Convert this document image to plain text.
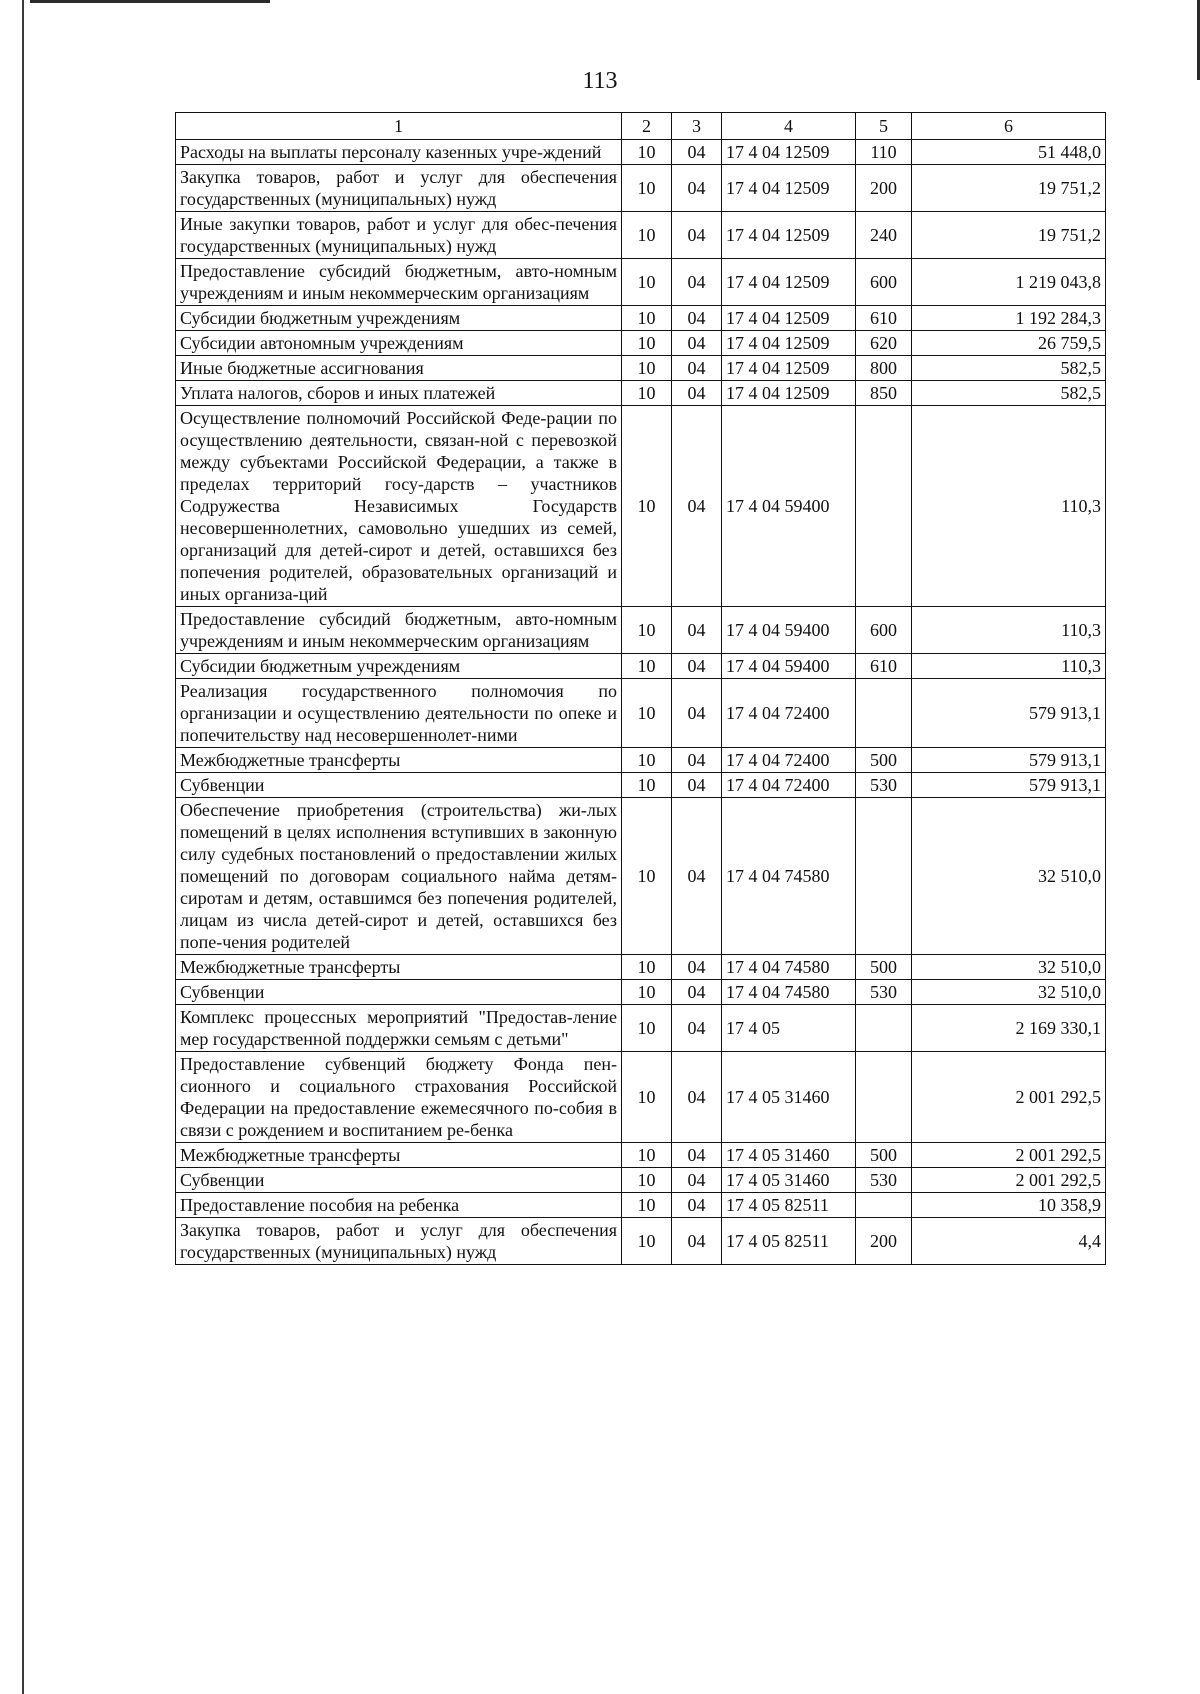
113
1	2	3	4	5	6
Расходы на выплаты персоналу казенных учре-ждений	10	04	17 4 04 12509	110	51 448,0
Закупка товаров, работ и услуг для обеспечения государственных (муниципальных) нужд	10	04	17 4 04 12509	200	19 751,2
Иные закупки товаров, работ и услуг для обес-печения государственных (муниципальных) нужд	10	04	17 4 04 12509	240	19 751,2
Предоставление субсидий бюджетным, авто-номным учреждениям и иным некоммерческим организациям	10	04	17 4 04 12509	600	1 219 043,8
Субсидии бюджетным учреждениям	10	04	17 4 04 12509	610	1 192 284,3
Субсидии автономным учреждениям	10	04	17 4 04 12509	620	26 759,5
Иные бюджетные ассигнования	10	04	17 4 04 12509	800	582,5
Уплата налогов, сборов и иных платежей	10	04	17 4 04 12509	850	582,5
Осуществление полномочий Российской Феде-рации по осуществлению деятельности, связан-ной с перевозкой между субъектами Российской Федерации, а также в пределах территорий госу-дарств – участников Содружества Независимых Государств несовершеннолетних, самовольно ушедших из семей, организаций для детей-сирот и детей, оставшихся без попечения родителей, образовательных организаций и иных организа-ций	10	04	17 4 04 59400		110,3
Предоставление субсидий бюджетным, авто-номным учреждениям и иным некоммерческим организациям	10	04	17 4 04 59400	600	110,3
Субсидии бюджетным учреждениям	10	04	17 4 04 59400	610	110,3
Реализация государственного полномочия по организации и осуществлению деятельности по опеке и попечительству над несовершеннолет-ними	10	04	17 4 04 72400		579 913,1
Межбюджетные трансферты	10	04	17 4 04 72400	500	579 913,1
Субвенции	10	04	17 4 04 72400	530	579 913,1
Обеспечение приобретения (строительства) жи-лых помещений в целях исполнения вступивших в законную силу судебных постановлений о предоставлении жилых помещений по договорам социального найма детям-сиротам и детям, оставшимся без попечения родителей, лицам из числа детей-сирот и детей, оставшихся без попе-чения родителей	10	04	17 4 04 74580		32 510,0
Межбюджетные трансферты	10	04	17 4 04 74580	500	32 510,0
Субвенции	10	04	17 4 04 74580	530	32 510,0
Комплекс процессных мероприятий "Предостав-ление мер государственной поддержки семьям с детьми"	10	04	17 4 05		2 169 330,1
Предоставление субвенций бюджету Фонда пен-сионного и социального страхования Российской Федерации на предоставление ежемесячного по-собия в связи с рождением и воспитанием ре-бенка	10	04	17 4 05 31460		2 001 292,5
Межбюджетные трансферты	10	04	17 4 05 31460	500	2 001 292,5
Субвенции	10	04	17 4 05 31460	530	2 001 292,5
Предоставление пособия на ребенка	10	04	17 4 05 82511		10 358,9
Закупка товаров, работ и услуг для обеспечения государственных (муниципальных) нужд	10	04	17 4 05 82511	200	4,4
